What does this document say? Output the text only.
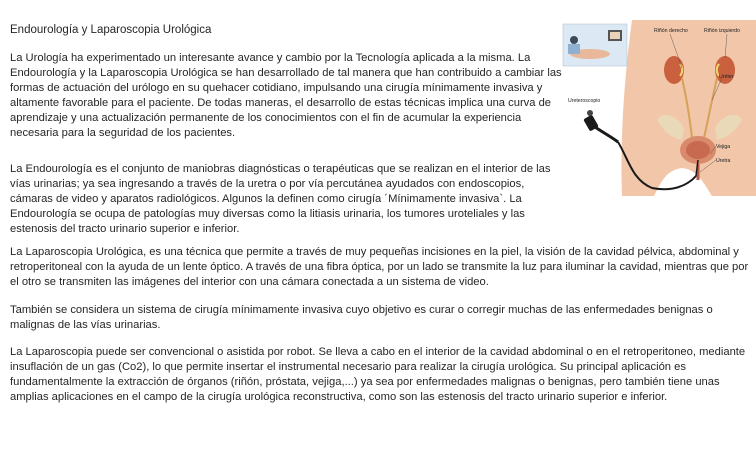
Endourología y Laparoscopia Urológica

La Urología ha experimentado un interesante avance y cambio por la Tecnología aplicada a la misma. La Endourología y la Laparoscopia Urológica se han desarrollado de tal manera que han contribuido a cambiar las formas de actuación del urólogo en su quehacer cotidiano, impulsando una cirugía mínimamente invasiva y altamente favorable para el paciente. De todas maneras, el desarrollo de estas técnicas implica una curva de aprendizaje y una actualización permanente de los conocimientos con el fin de acumular la experiencia necesaria para la seguridad de los pacientes.

La Endourología es el conjunto de maniobras diagnósticas o terapéuticas que se realizan en el interior de las vías urinarias; ya sea ingresando a través de la uretra o por vía percutánea ayudados con endoscopios, cámaras de video y aparatos radiológicos. Algunos la definen como cirugía ´Mínimamente invasiva`. La Endourología se ocupa de patologías muy diversas como la litiasis urinaria, los tumores uroteliales y las estenosis del tracto urinario superior e inferior.

La Laparoscopia Urológica, es una técnica que permite a través de muy pequeñas incisiones en la piel, la visión de la cavidad pélvica, abdominal y retroperitoneal con la ayuda de un lente óptico. A través de una fibra óptica, por un lado se transmite la luz para iluminar la cavidad, mientras que por el otro se transmiten las imágenes del interior con una cámara conectada a un sistema de video.

También se considera un sistema de cirugía mínimamente invasiva cuyo objetivo es curar o corregir muchas de las enfermedades benignas o malignas de las vías urinarias.

La Laparoscopia puede ser convencional o asistida por robot. Se lleva a cabo en el interior de la cavidad abdominal o en el retroperitoneo, mediante insuflación de un gas (Co2), lo que permite insertar el instrumental necesario para realizar la cirugía urológica. Su principal aplicación es fundamentalmente la extracción de órganos (riñón, próstata, vejiga,...) ya sea por enfermedades malignas o benignas, pero también tiene unas amplias aplicaciones en el campo de la cirugía urológica reconstructiva, como son las estenosis del tracto urinario superior e inferior.

Riñón derecho	Riñón izquierdo
Uréter
Ureteroscopio
Vejiga
Uretra
